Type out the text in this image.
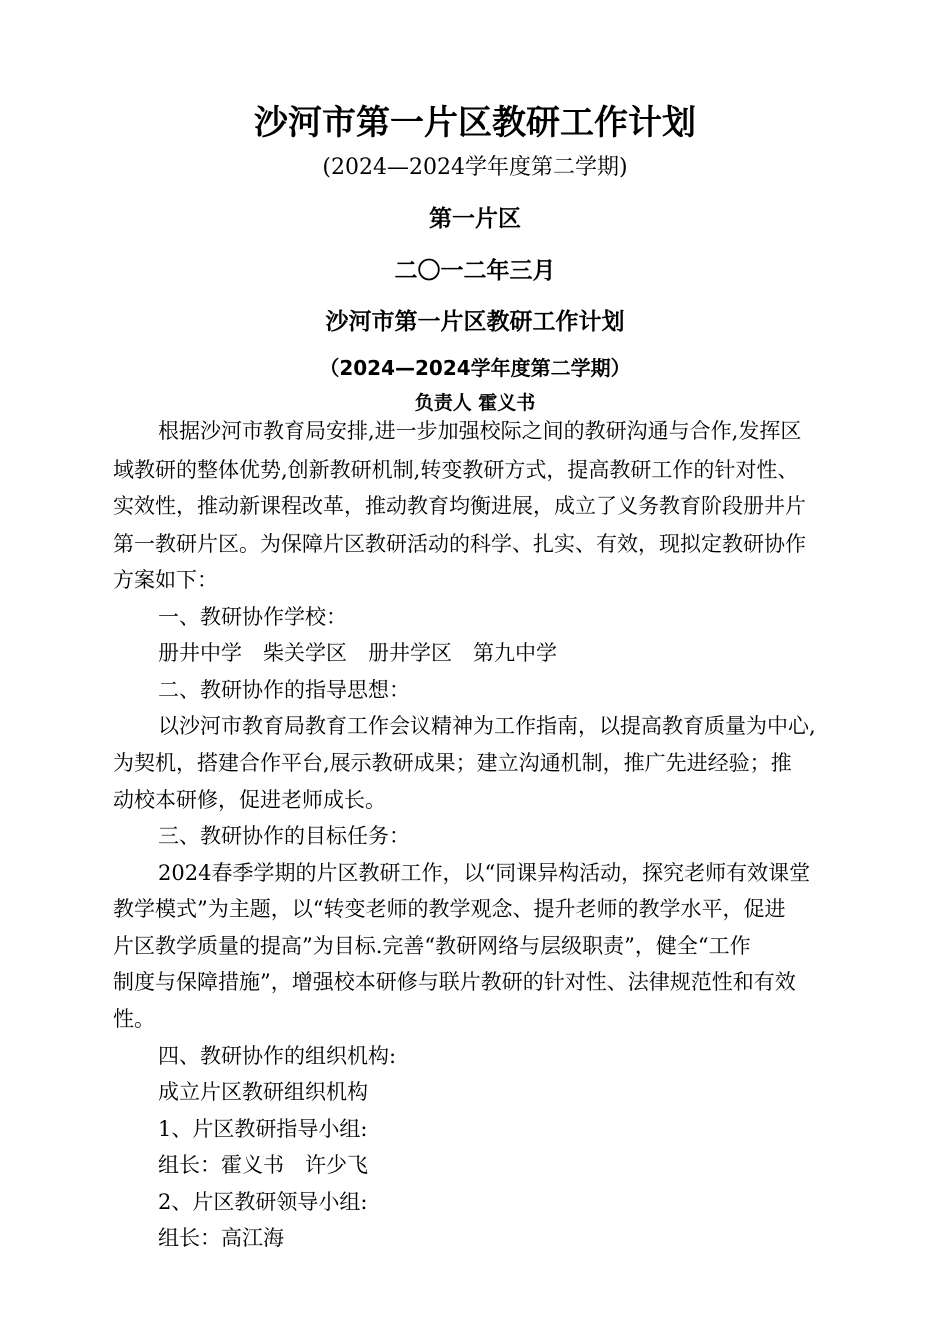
沙河市第一片区教研工作计划
(2024—2024学年度第二学期)
第一片区
二〇一二年三月
沙河市第一片区教研工作计划
（2024—2024学年度第二学期）
负责人 霍义书
根据沙河市教育局安排,进一步加强校际之间的教研沟通与合作,发挥区
域教研的整体优势,创新教研机制,转变教研方式，提高教研工作的针对性、
实效性，推动新课程改革，推动教育均衡进展，成立了义务教育阶段册井片
第一教研片区。为保障片区教研活动的科学、扎实、有效，现拟定教研协作
方案如下：
一、教研协作学校：
册井中学　柴关学区　册井学区　第九中学
二、教研协作的指导思想：
以沙河市教育局教育工作会议精神为工作指南，以提高教育质量为中心,
为契机，搭建合作平台,展示教研成果；建立沟通机制，推广先进经验；推
动校本研修，促进老师成长。
三、教研协作的目标任务：
2024春季学期的片区教研工作，以“同课异构活动，探究老师有效课堂
教学模式”为主题，以“转变老师的教学观念、提升老师的教学水平，促进
片区教学质量的提高”为目标.完善“教研网络与层级职责”，健全“工作
制度与保障措施”，增强校本研修与联片教研的针对性、法律规范性和有效
性。
四、教研协作的组织机构:
成立片区教研组织机构
1、片区教研指导小组:
组长：霍义书　许少飞
2、片区教研领导小组:
组长：高江海
